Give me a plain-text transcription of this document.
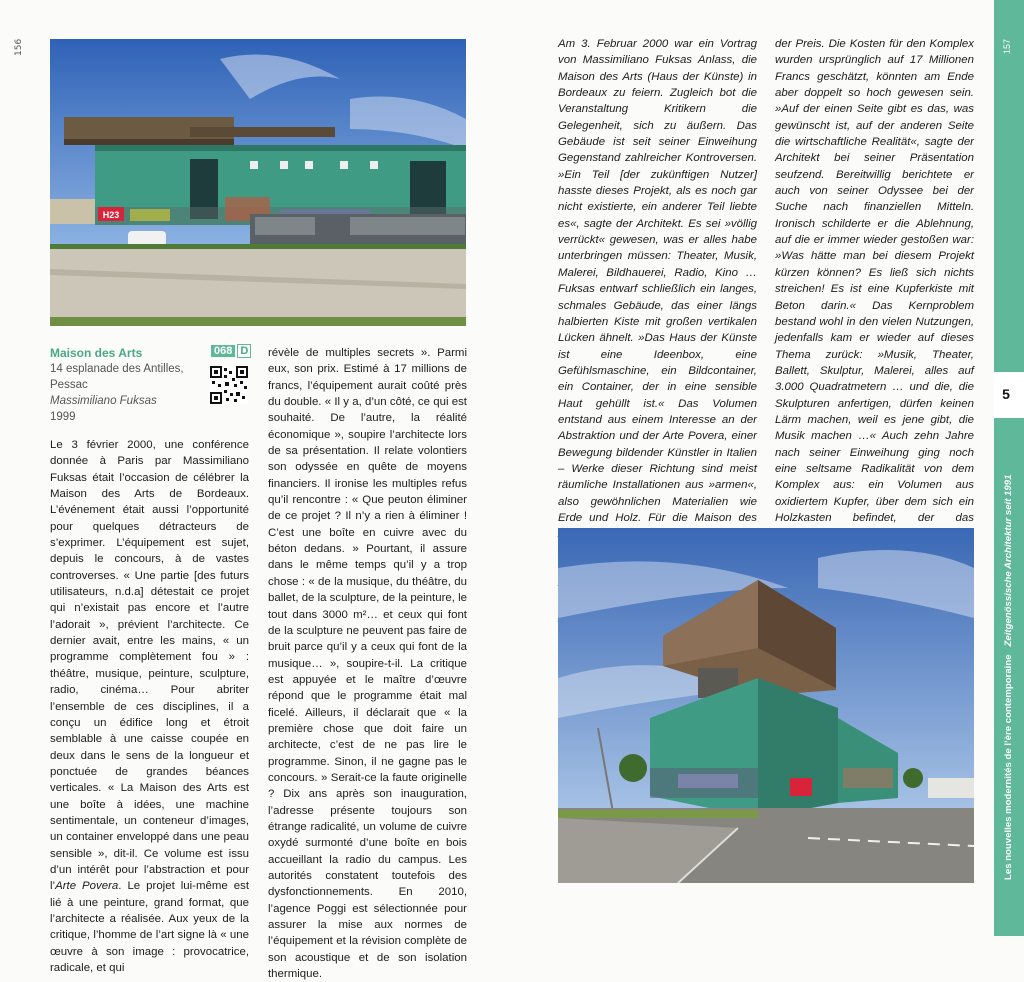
156
H23
Maison des Arts
14 esplanade des Antilles,
Pessac
Massimiliano Fuksas
1999
068 D

Le 3 février 2000, une conférence donnée à Paris par Massimiliano Fuksas était l’occasion de célébrer la Maison des Arts de Bordeaux. L’événement était aussi l’opportunité pour quelques détracteurs de s’exprimer. L’équipement est sujet, depuis le concours, à de vastes controverses. « Une partie [des futurs utilisateurs, n.d.a] détestait ce projet qui n’existait pas encore et l’autre l’adorait », prévient l’architecte. Ce dernier avait, entre les mains, « un programme complètement fou » : théâtre, musique, peinture, sculpture, radio, cinéma… Pour abriter l’ensemble de ces disciplines, il a conçu un édifice long et étroit semblable à une caisse coupée en deux dans le sens de la longueur et ponctuée de grandes béances verticales. « La Maison des Arts est une boîte à idées, une machine sentimentale, un conteneur d’images, un container enveloppé dans une peau sensible », dit-il. Ce volume est issu d’un intérêt pour l’abstraction et pour l’Arte Povera. Le projet lui-même est lié à une peinture, grand format, que l’architecte a réalisée. Aux yeux de la critique, l’homme de l’art signe là « une œuvre à son image : provocatrice, radicale, et qui

révèle de multiples secrets ». Parmi eux, son prix. Estimé à 17 millions de francs, l’équipement aurait coûté près du double. « Il y a, d’un côté, ce qui est souhaité. De l’autre, la réalité économique », soupire l’architecte lors de sa présentation. Il relate volontiers son odyssée en quête de moyens financiers. Il ironise les multiples refus qu’il rencontre : « Que peuton éliminer de ce projet ? Il n’y a rien à éliminer ! C’est une boîte en cuivre avec du béton dedans. » Pourtant, il assure dans le même temps qu’il y a trop chose : « de la musique, du théâtre, du ballet, de la sculpture, de la peinture, le tout dans 3000 m²… et ceux qui font de la sculpture ne peuvent pas faire de bruit parce qu’il y a ceux qui font de la musique… », soupire-t-il. La critique est appuyée et le maître d’œuvre répond que le programme était mal ficelé. Ailleurs, il déclarait que « la première chose que doit faire un architecte, c’est de ne pas lire le programme. Sinon, il ne gagne pas le concours. » Serait-ce la faute originelle ? Dix ans après son inauguration, l’adresse présente toujours son étrange radicalité, un volume de cuivre oxydé surmonté d’une boîte en bois accueillant la radio du campus. Les autorités constatent toutefois des dysfonctionnements. En 2010, l’agence Poggi est sélectionnée pour assurer la mise aux normes de l’équipement et la révision complète de son acoustique et de son isolation thermique.

Am 3. Februar 2000 war ein Vortrag von Massimiliano Fuksas Anlass, die Maison des Arts (Haus der Künste) in Bordeaux zu feiern. Zugleich bot die Veranstaltung Kritikern die Gelegenheit, sich zu äußern. Das Gebäude ist seit seiner Einweihung Gegenstand zahlreicher Kontroversen. »Ein Teil [der zukünftigen Nutzer] hasste dieses Projekt, als es noch gar nicht existierte, ein anderer Teil liebte es«, sagte der Architekt. Es sei »völlig verrückt« gewesen, was er alles habe unterbringen müssen: Theater, Musik, Malerei, Bildhauerei, Radio, Kino … Fuksas entwarf schließlich ein langes, schmales Gebäude, das einer längs halbierten Kiste mit großen vertikalen Lücken ähnelt. »Das Haus der Künste ist eine Ideenbox, eine Gefühlsmaschine, ein Bildcontainer, ein Container, der in eine sensible Haut gehüllt ist.« Das Volumen entstand aus einem Interesse an der Abstraktion und der Arte Povera, einer Bewegung bildender Künstler in Italien – Werke dieser Richtung sind meist räumliche Installationen aus »armen«, also gewöhnlichen Materialien wie Erde und Holz. Für die Maison des

der Preis. Die Kosten für den Komplex wurden ursprünglich auf 17 Millionen Francs geschätzt, könnten am Ende aber doppelt so hoch gewesen sein. »Auf der einen Seite gibt es das, was gewünscht ist, auf der anderen Seite die wirtschaftliche Realität«, sagte der Architekt bei seiner Präsentation seufzend. Bereitwillig berichtete er auch von seiner Odyssee bei der Suche nach finanziellen Mitteln. Ironisch schilderte er die Ablehnung, auf die er immer wieder gestoßen war: »Was hätte man bei diesem Projekt kürzen können? Es ließ sich nichts streichen! Es ist eine Kupferkiste mit Beton darin.« Das Kernproblem bestand wohl in den vielen Nutzungen, jedenfalls kam er wieder auf dieses Thema zurück: »Musik, Theater, Ballett, Skulptur, Malerei, alles auf 3.000 Quadratmetern … und die, die Skulpturen anfertigen, dürfen keinen Lärm machen, weil es jene gibt, die Musik machen …« Auch zehn Jahre nach seiner Einweihung ging noch eine seltsame Radikalität von dem Komplex aus: ein Volumen aus oxidiertem Kupfer, über dem sich ein Holzkasten befindet, der das

157
5
Les nouvelles modernités de l’ère contemporaine   Zeitgenössische Architektur seit 1991
